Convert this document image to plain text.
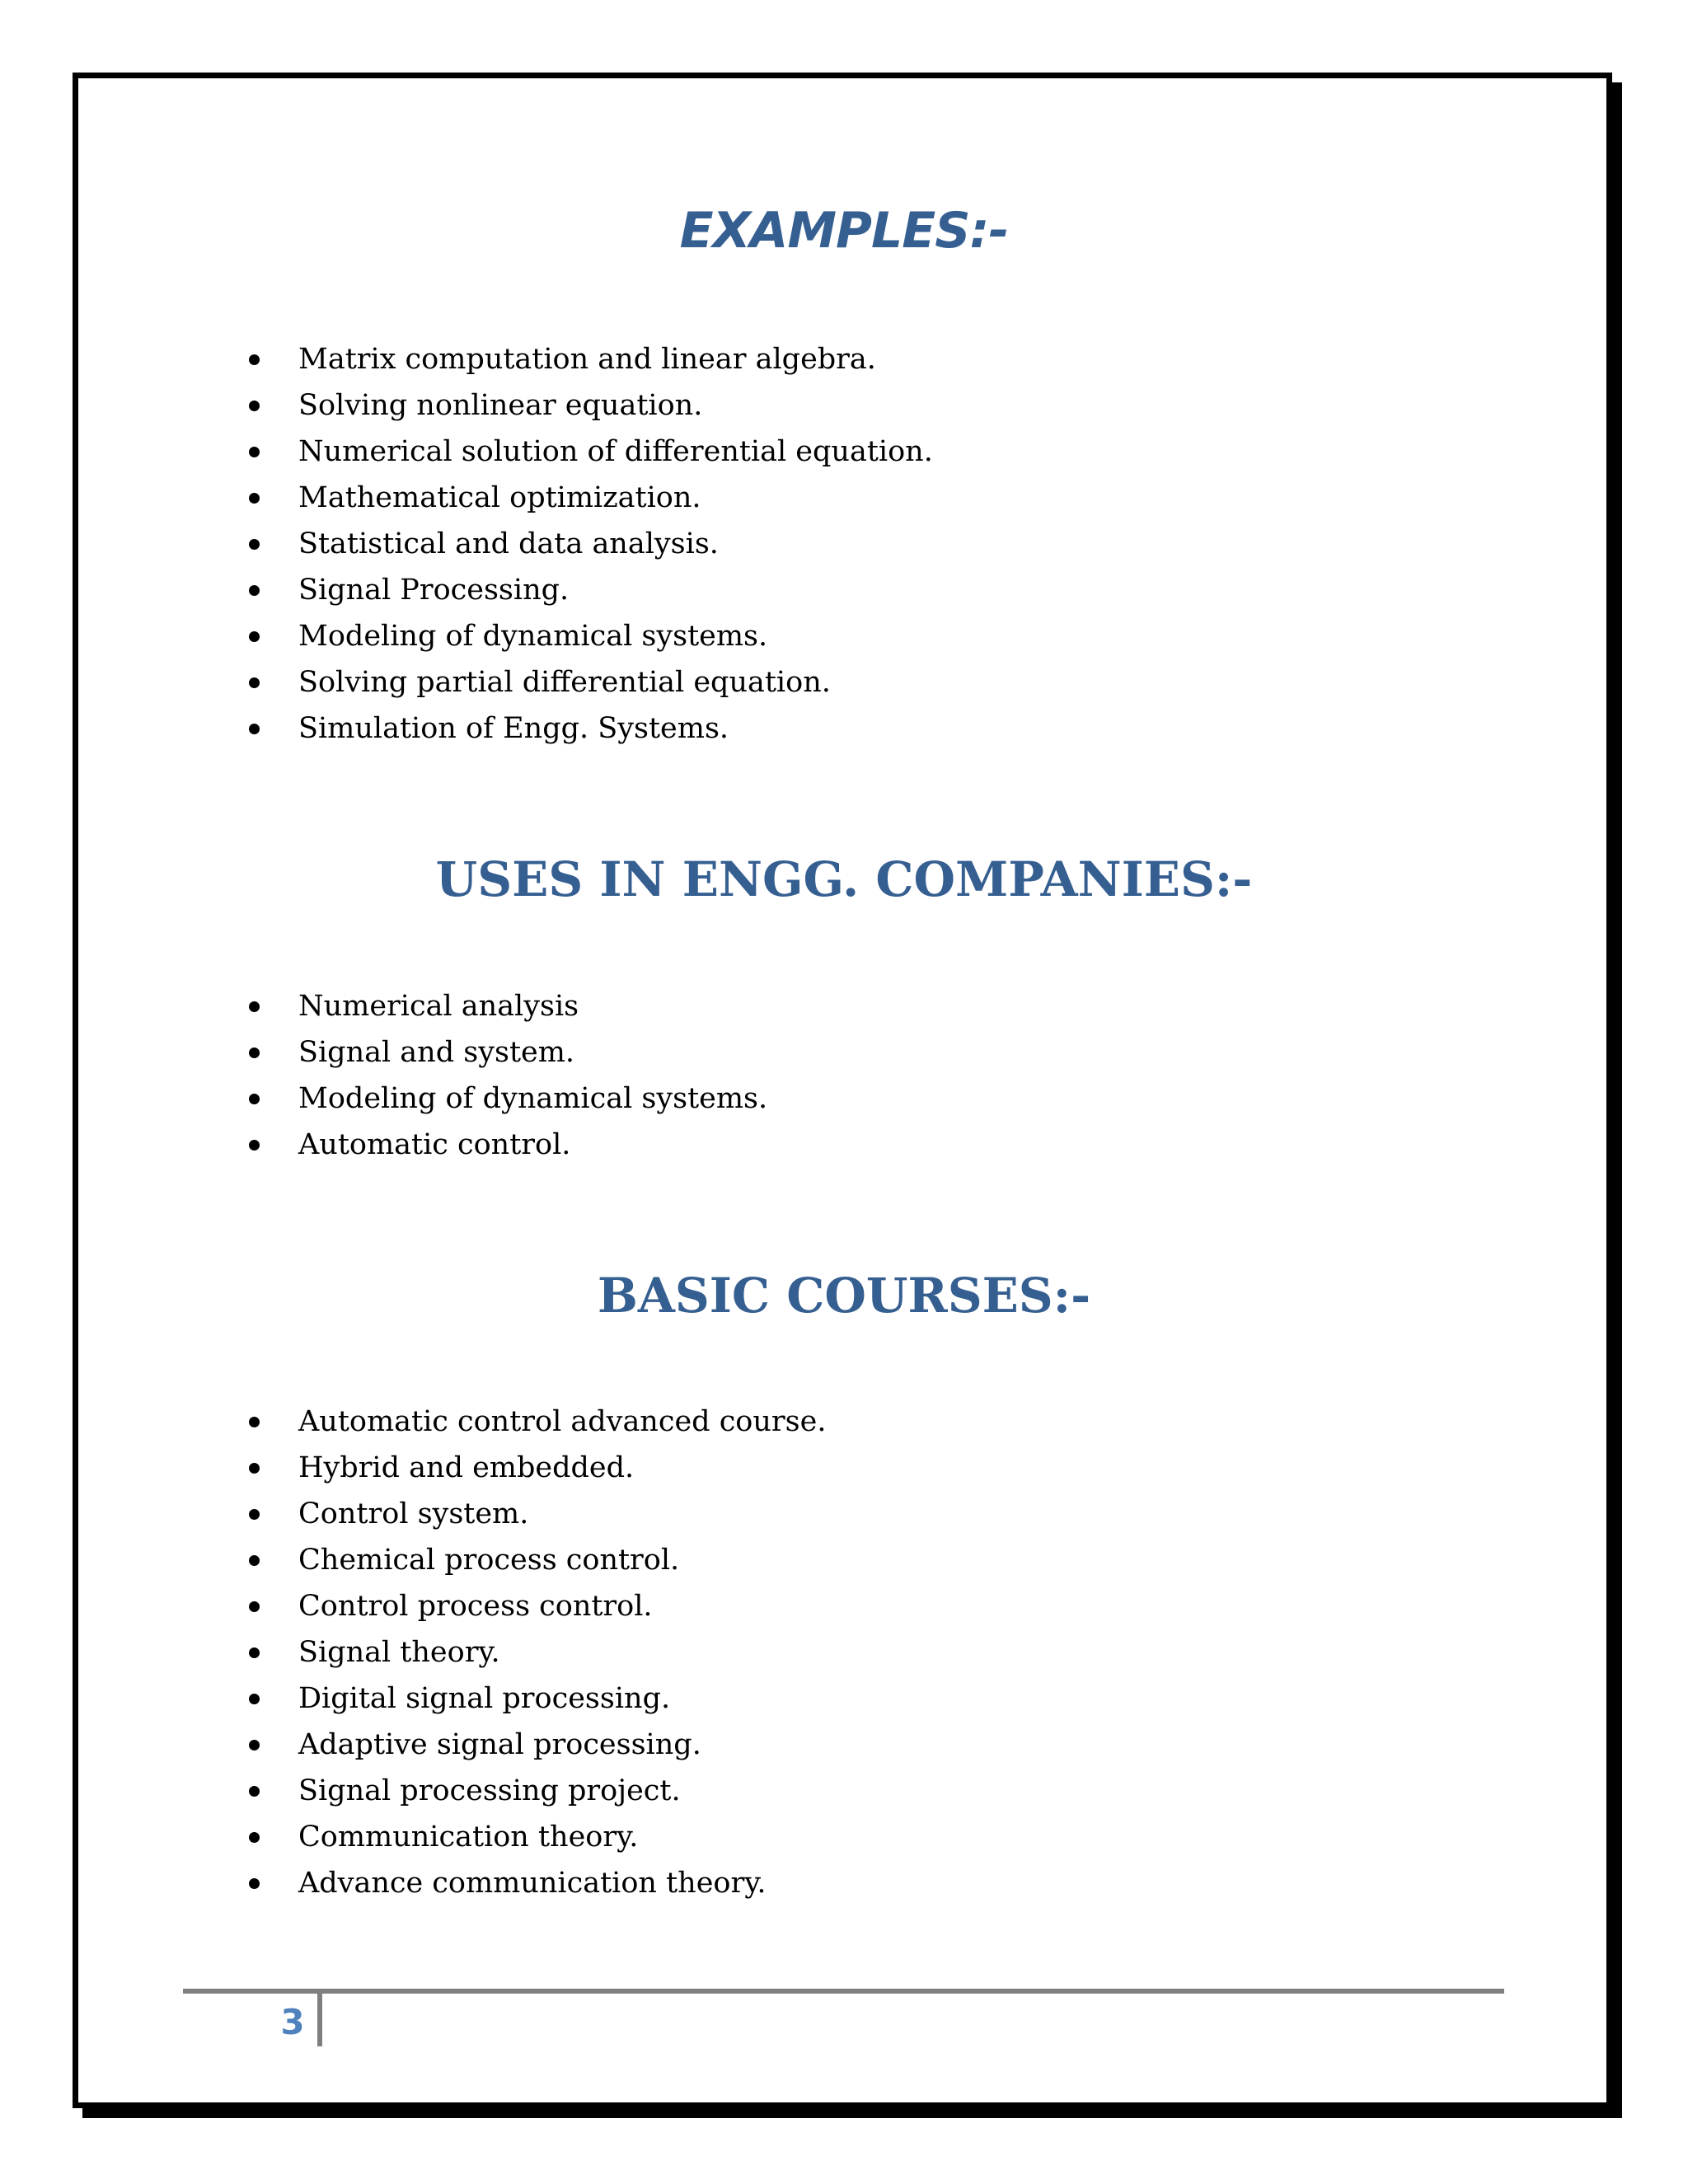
EXAMPLES:-
Matrix computation and linear algebra.
Solving nonlinear equation.
Numerical solution of differential equation.
Mathematical optimization.
Statistical and data analysis.
Signal Processing.
Modeling of dynamical systems.
Solving partial differential equation.
Simulation of Engg. Systems.
USES IN ENGG. COMPANIES:-
Numerical analysis
Signal and system.
Modeling of dynamical systems.
Automatic control.
BASIC COURSES:-
Automatic control advanced course.
Hybrid and embedded.
Control system.
Chemical process control.
Control process control.
Signal theory.
Digital signal processing.
Adaptive signal processing.
Signal processing project.
Communication theory.
Advance communication theory.
3
